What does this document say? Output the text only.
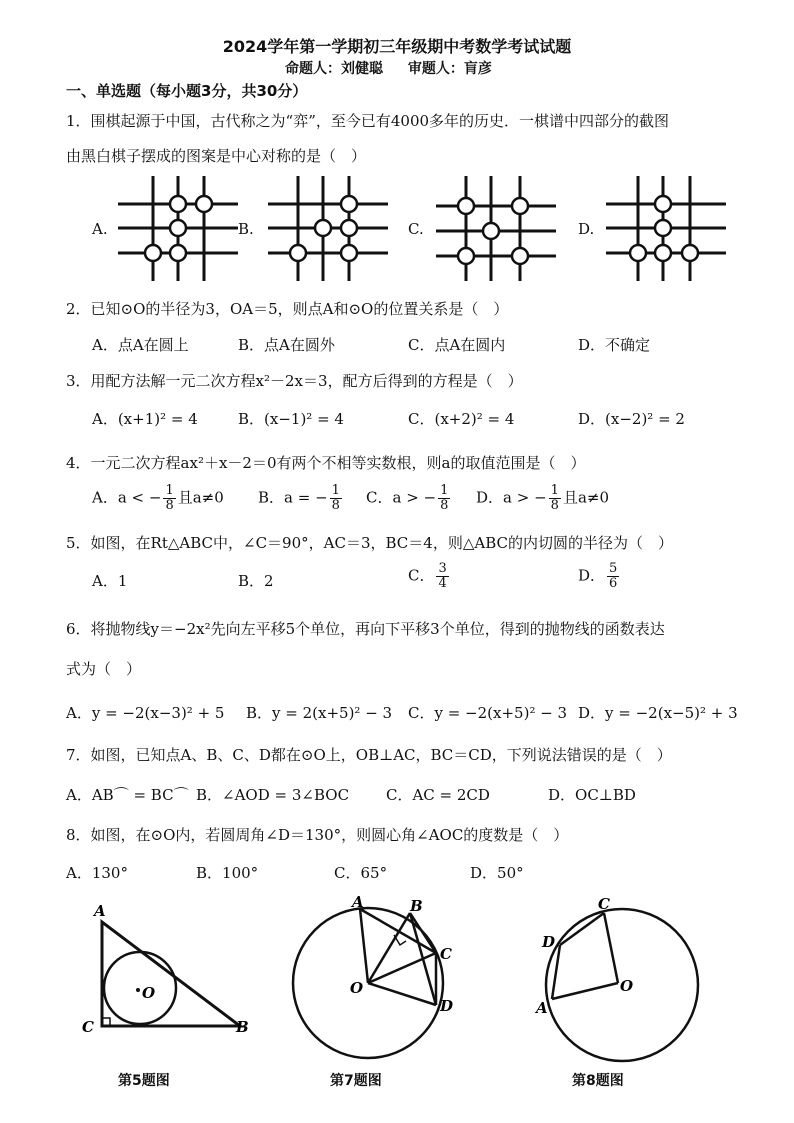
2024学年第一学期初三年级期中考数学考试试题
命题人：刘健聪 审题人：肓彦
一、单选题（每小题3分，共30分）
1．围棋起源于中国，古代称之为“弈”，至今已有4000多年的历史．一棋谱中四部分的截图
由黑白棋子摆成的图案是中心对称的是（　）
A.	B.	C.	D.
2．已知⊙O的半径为3，OA＝5，则点A和⊙O的位置关系是（　）
A．点A在圆上	B．点A在圆外	C．点A在圆内	D．不确定
3．用配方法解一元二次方程x²－2x＝3，配方后得到的方程是（　）
A．(x+1)² = 4	B．(x−1)² = 4	C．(x+2)² = 4	D．(x−2)² = 2
4．一元二次方程ax²＋x－2＝0有两个不相等实数根，则a的取值范围是（　）
A．a < − $\frac{1}{8}$ 且a≠0 B．a = − $\frac{1}{8}$ C．a > − $\frac{1}{8}$ D．a > − $\frac{1}{8}$ 且a≠0
5．如图，在Rt△ABC中，∠C＝90°，AC＝3，BC＝4，则△ABC的内切圆的半径为（　）
A．1	B．2	C． $\frac{3}{4}$	D． $\frac{5}{6}$
6．将抛物线y＝−2x²先向左平移5个单位，再向下平移3个单位，得到的抛物线的函数表达
式为（　）
A．y = −2(x−3)² + 5 B．y = 2(x+5)² − 3 C．y = −2(x+5)² − 3 D．y = −2(x−5)² + 3
7．如图，已知点A、B、C、D都在⊙O上，OB⊥AC，BC＝CD，下列说法错误的是（　）
A．AB⌒ = BC⌒ B．∠AOD = 3∠BOC C．AC = 2CD	D．OC⊥BD
8．如图，在⊙O内，若圆周角∠D＝130°，则圆心角∠AOC的度数是（　）
A．130°	B．100°	C．65°	D．50°
A
C	B
O
A	B
C
D
O
C
D
A
O
第5题图	第7题图	第8题图
